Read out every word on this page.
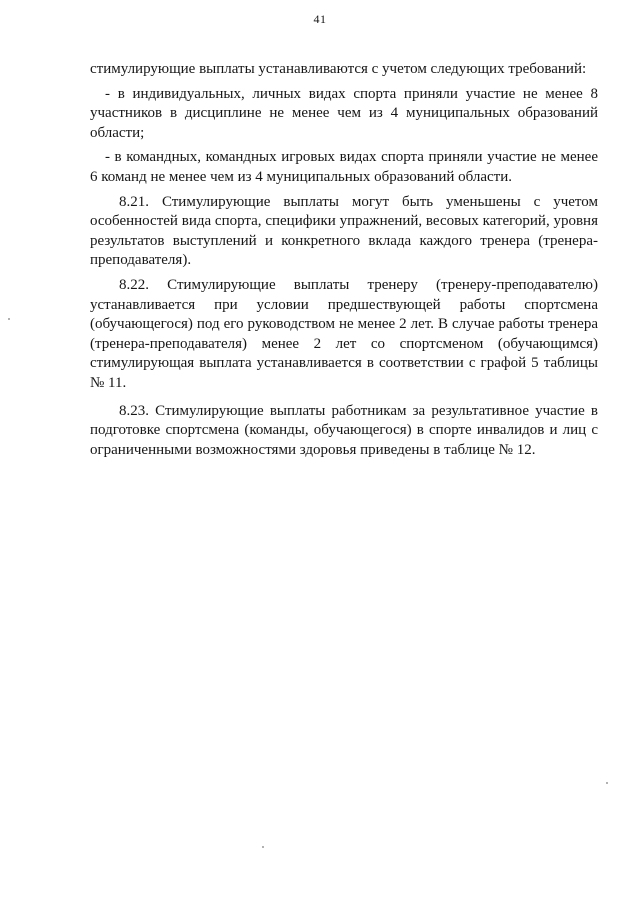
41

стимулирующие выплаты устанавливаются с учетом следующих требований:

- в индивидуальных, личных видах спорта приняли участие не менее 8 участников в дисциплине не менее чем из 4 муниципальных образований области;

- в командных, командных игровых видах спорта приняли участие не менее 6 команд не менее чем из 4 муниципальных образований области.

8.21. Стимулирующие выплаты могут быть уменьшены с учетом особенностей вида спорта, специфики упражнений, весовых категорий, уровня результатов выступлений и конкретного вклада каждого тренера (тренера-преподавателя).

8.22. Стимулирующие выплаты тренеру (тренеру-преподавателю) устанавливается при условии предшествующей работы спортсмена (обучающегося) под его руководством не менее 2 лет. В случае работы тренера (тренера-преподавателя) менее 2 лет со спортсменом (обучающимся) стимулирующая выплата устанавливается в соответствии с графой 5 таблицы № 11.

8.23. Стимулирующие выплаты работникам за результативное участие в подготовке спортсмена (команды, обучающегося) в спорте инвалидов и лиц с ограниченными возможностями здоровья приведены в таблице № 12.
